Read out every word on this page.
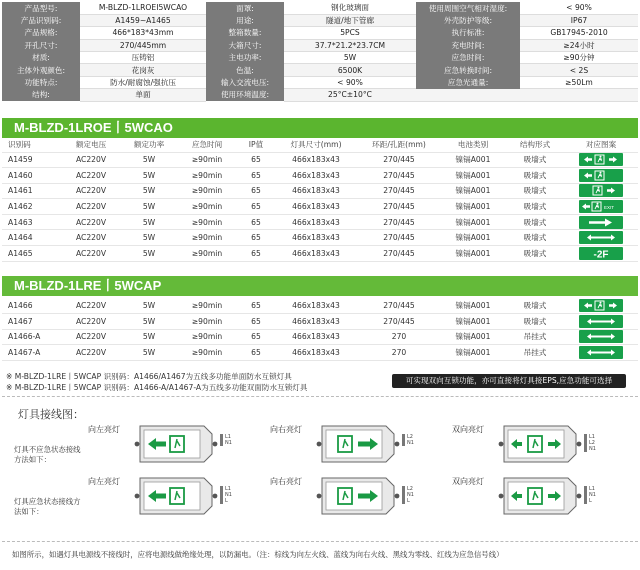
产品型号:	M-BLZD-1LROEⅠ5WCAO	面罩:	钢化玻璃面	使用周围空气相对湿度:	< 90%
产品识别码:	A1459~A1465	用途:	隧道/地下管廊	外壳防护等级:	IP67
产品规格:	466*183*43mm	整箱数量:	5PCS	执行标准:	GB17945-2010
开孔尺寸:	270/445mm	大箱尺寸:	37.7*21.2*23.7CM	充电时间:	≥24小时
材质:	压铸铝	主电功率:	5W	应急时间:	≥90分钟
主体外观颜色:	花岗灰	色温:	6500K	应急转换时间:	< 2S
功能特点:	防水/耐腐蚀/强抗压	输入交流电压:	< 90%	应急光通量:	≥50Lm
结构:	单面	使用环境温度:	25°C±10°C		
M-BLZD-1LROE丨5WCAO
识别码	额定电压	额定功率	应急时间	IP值	灯具尺寸(mm)	环距/孔距(mm)	电池类别	结构形式	对应图案
A1459	AC220V	5W	≥90min	65	466x183x43	270/445	镍镉A001	吸墙式	

A1460	AC220V	5W	≥90min	65	466x183x43	270/445	镍镉A001	吸墙式	

A1461	AC220V	5W	≥90min	65	466x183x43	270/445	镍镉A001	吸墙式	

A1462	AC220V	5W	≥90min	65	466x183x43	270/445	镍镉A001	吸墙式	EXIT

A1463	AC220V	5W	≥90min	65	466x183x43	270/445	镍镉A001	吸墙式	

A1464	AC220V	5W	≥90min	65	466x183x43	270/445	镍镉A001	吸墙式	

A1465	AC220V	5W	≥90min	65	466x183x43	270/445	镍镉A001	吸墙式	-2F
M-BLZD-1LRE丨5WCAP
A1466	AC220V	5W	≥90min	65	466x183x43	270/445	镍镉A001	吸墙式	

A1467	AC220V	5W	≥90min	65	466x183x43	270/445	镍镉A001	吸墙式	

A1466-A	AC220V	5W	≥90min	65	466x183x43	270	镍镉A001	吊挂式	

A1467-A	AC220V	5W	≥90min	65	466x183x43	270	镍镉A001	吊挂式	
※ M-BLZD-1LRE丨5WCAP 识别码：A1466/A1467为五线多功能单面防水互锁灯具
※ M-BLZD-1LRE丨5WCAP 识别码：A1466-A/A1467-A为五线多功能双面防水互锁灯具
可实现双向互锁功能，亦可直接将灯具接EPS,应急功能可选择
灯具接线图：
灯具不应急状态接线方法如下：
灯具应急状态接线方法如下：
向左亮灯
L1
N1
向右亮灯
L2
N1
双向亮灯
L1
L2
N1
向左亮灯
L1
N1
L
向右亮灯
L2
N1
L
双向亮灯
L1
N1
L
如图所示，如遇灯具电源线不接线时，应将电源线做绝缘处理，以防漏电。（注：棕线为向左火线、蓝线为向右火线、黑线为零线、红线为应急信号线）
